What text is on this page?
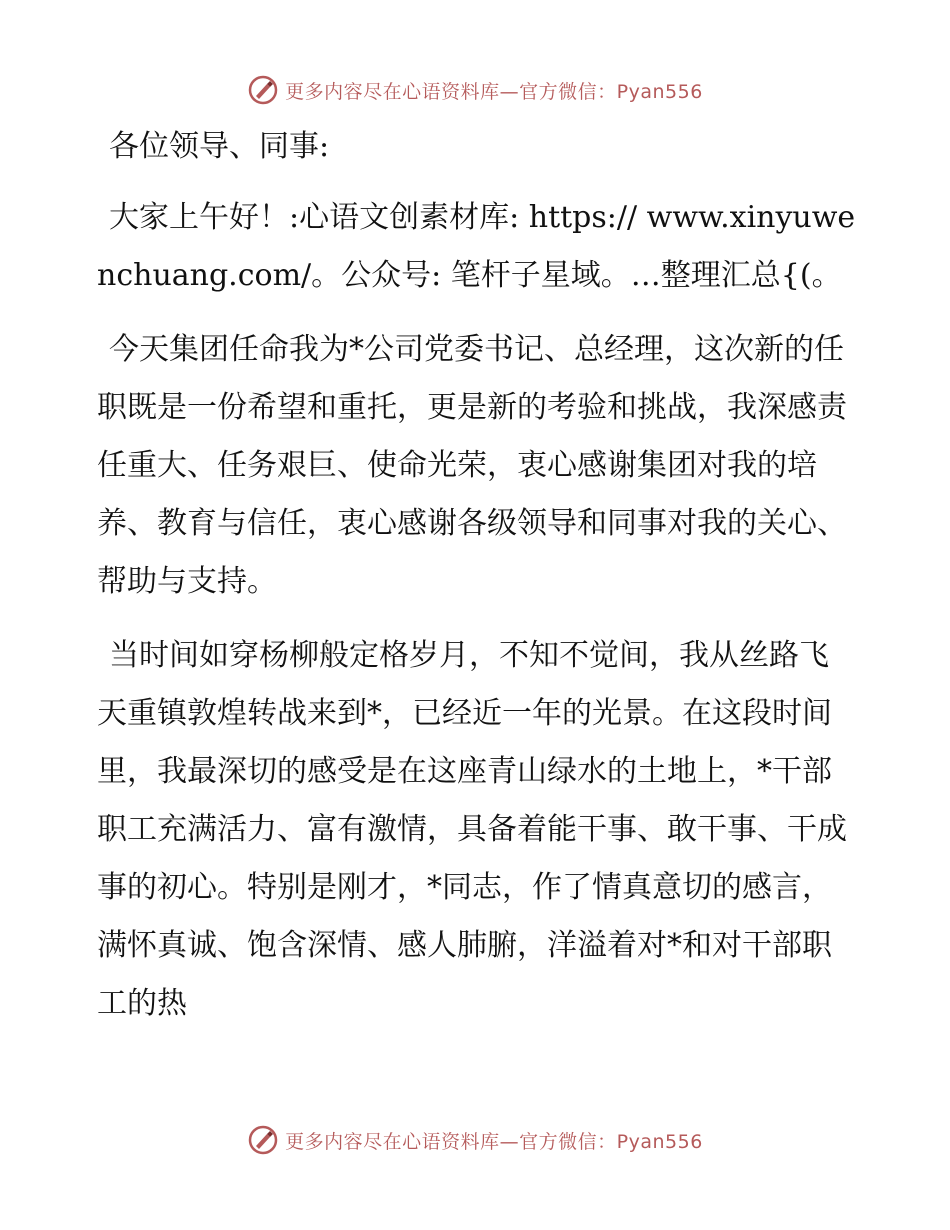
更多内容尽在心语资料库—官方微信：Pyan556

各位领导、同事:

大家上午好！:心语文创素材库: https:// www.xinyuwenchuang.com/。公众号: 笔杆子星域。…整理汇总{(。

今天集团任命我为*公司党委书记、总经理，这次新的任职既是一份希望和重托，更是新的考验和挑战，我深感责任重大、任务艰巨、使命光荣，衷心感谢集团对我的培养、教育与信任，衷心感谢各级领导和同事对我的关心、帮助与支持。

当时间如穿杨柳般定格岁月，不知不觉间，我从丝路飞天重镇敦煌转战来到*，已经近一年的光景。在这段时间里，我最深切的感受是在这座青山绿水的土地上，*干部职工充满活力、富有激情，具备着能干事、敢干事、干成事的初心。特别是刚才，*同志，作了情真意切的感言，满怀真诚、饱含深情、感人肺腑，洋溢着对*和对干部职工的热

更多内容尽在心语资料库—官方微信：Pyan556
